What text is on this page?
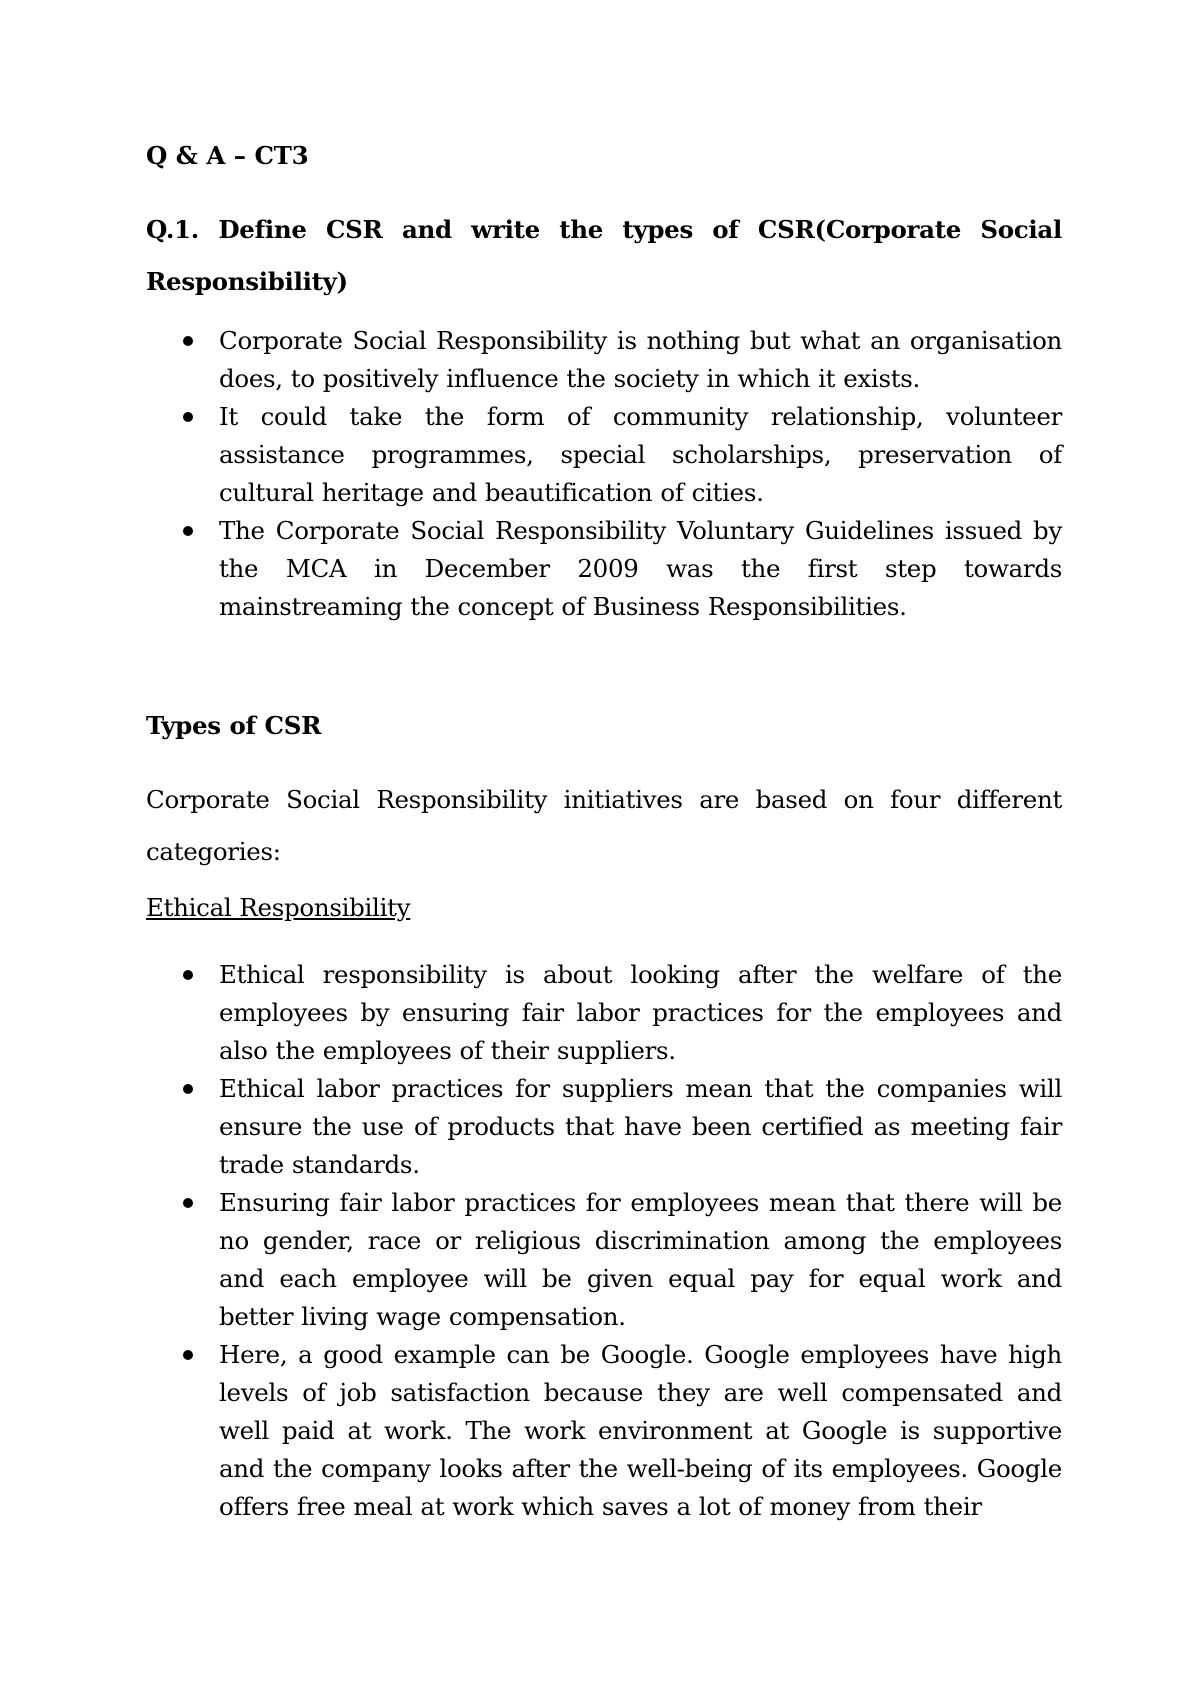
Q & A – CT3
Q.1. Define CSR and write the types of CSR(Corporate Social Responsibility)
Corporate Social Responsibility is nothing but what an organisation does, to positively influence the society in which it exists.
It could take the form of community relationship, volunteer assistance programmes, special scholarships, preservation of cultural heritage and beautification of cities.
The Corporate Social Responsibility Voluntary Guidelines issued by the MCA in December 2009 was the first step towards mainstreaming the concept of Business Responsibilities.
Types of CSR
Corporate Social Responsibility initiatives are based on four different categories:
Ethical Responsibility
Ethical responsibility is about looking after the welfare of the employees by ensuring fair labor practices for the employees and also the employees of their suppliers.
Ethical labor practices for suppliers mean that the companies will ensure the use of products that have been certified as meeting fair trade standards.
Ensuring fair labor practices for employees mean that there will be no gender, race or religious discrimination among the employees and each employee will be given equal pay for equal work and better living wage compensation.
Here, a good example can be Google. Google employees have high levels of job satisfaction because they are well compensated and well paid at work. The work environment at Google is supportive and the company looks after the well-being of its employees. Google offers free meal at work which saves a lot of money from their
